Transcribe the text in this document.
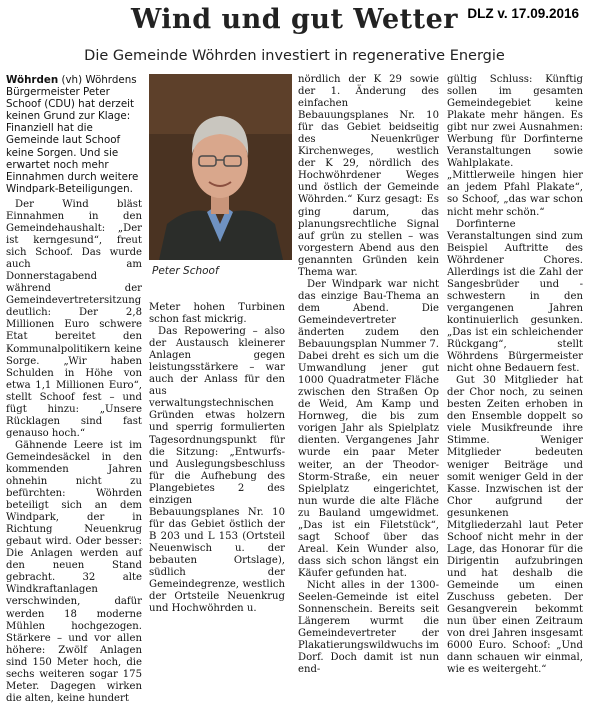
DLZ v. 17.09.2016
Wind und gut Wetter
Die Gemeinde Wöhrden investiert in regenerative Energie

Wöhrden (vh) Wöhrdens Bürgermeister Peter Schoof (CDU) hat derzeit keinen Grund zur Klage: Finanziell hat die Gemeinde laut Schoof keine Sorgen. Und sie erwartet noch mehr Einnahmen durch weitere Windpark-Beteiligungen.

Der Wind bläst Einnahmen in den Gemeindehaushalt: „Der ist kerngesund“, freut sich Schoof. Das wurde auch am Donnerstagabend während der Gemeindevertretersitzung deutlich: Der 2,8 Millionen Euro schwere Etat bereitet den Kommunalpolitikern keine Sorge. „Wir haben Schulden in Höhe von etwa 1,1 Millionen Euro“, stellt Schoof fest – und fügt hinzu: „Unsere Rücklagen sind fast genauso hoch.“

Gähnende Leere ist im Gemeindesäckel in den kommenden Jahren ohnehin nicht zu befürchten: Wöhrden beteiligt sich an dem Windpark, der in Richtung Neuenkrug gebaut wird. Oder besser: Die Anlagen werden auf den neuen Stand gebracht. 32 alte Windkraftanlagen verschwinden, dafür werden 18 moderne Mühlen hochgezogen. Stärkere – und vor allen höhere: Zwölf Anlagen sind 150 Meter hoch, die sechs weiteren sogar 175 Meter. Dagegen wirken die alten, keine hundert

Peter Schoof

Meter hohen Turbinen schon fast mickrig.

Das Repowering – also der Austausch kleinerer Anlagen gegen leistungsstärkere – war auch der Anlass für den aus verwaltungstechnischen Gründen etwas holzern und sperrig formulierten Tagesordnungspunkt für die Sitzung: „Entwurfs- und Auslegungsbeschluss für die Aufhebung des Plangebietes 2 des einzigen Bebauungsplanes Nr. 10 für das Gebiet östlich der B 203 und L 153 (Ortsteil Neuenwisch u. der bebauten Ortslage), südlich der Gemeindegrenze, westlich der Ortsteile Neuenkrug und Hochwöhrden u.

nördlich der K 29 sowie der 1. Änderung des einfachen Bebauungsplanes Nr. 10 für das Gebiet beidseitig des Neuenkrüger Kirchenweges, westlich der K 29, nördlich des Hochwöhrdener Weges und östlich der Gemeinde Wöhrden.“ Kurz gesagt: Es ging darum, das planungsrechtliche Signal auf grün zu stellen – was vorgestern Abend aus den genannten Gründen kein Thema war.

Der Windpark war nicht das einzige Bau-Thema an dem Abend. Die Gemeindevertreter änderten zudem den Bebauungsplan Nummer 7. Dabei dreht es sich um die Umwandlung jener gut 1000 Quadratmeter Fläche zwischen den Straßen Op de Weid, Am Kamp und Hornweg, die bis zum vorigen Jahr als Spielplatz dienten. Vergangenes Jahr wurde ein paar Meter weiter, an der Theodor-Storm-Straße, ein neuer Spielplatz eingerichtet, nun wurde die alte Fläche zu Bauland umgewidmet. „Das ist ein Filetstück“, sagt Schoof über das Areal. Kein Wunder also, dass sich schon längst ein Käufer gefunden hat.

Nicht alles in der 1300-Seelen-Gemeinde ist eitel Sonnenschein. Bereits seit Längerem wurmt die Gemeindevertreter der Plakatierungswildwuchs im Dorf. Doch damit ist nun end-

gültig Schluss: Künftig sollen im gesamten Gemeindegebiet keine Plakate mehr hängen. Es gibt nur zwei Ausnahmen: Werbung für Dorfinterne Veranstaltungen sowie Wahlplakate. „Mittlerweile hingen hier an jedem Pfahl Plakate“, so Schoof, „das war schon nicht mehr schön.“

Dorfinterne Veranstaltungen sind zum Beispiel Auftritte des Wöhrdener Chores. Allerdings ist die Zahl der Sangesbrüder und -schwestern in den vergangenen Jahren kontinuierlich gesunken. „Das ist ein schleichender Rückgang“, stellt Wöhrdens Bürgermeister nicht ohne Bedauern fest.

Gut 30 Mitglieder hat der Chor noch, zu seinen besten Zeiten erhoben in den Ensemble doppelt so viele Musikfreunde ihre Stimme. Weniger Mitglieder bedeuten weniger Beiträge und somit weniger Geld in der Kasse. Inzwischen ist der Chor aufgrund der gesunkenen Mitgliederzahl laut Peter Schoof nicht mehr in der Lage, das Honorar für die Dirigentin aufzubringen und hat deshalb die Gemeinde um einen Zuschuss gebeten. Der Gesangverein bekommt nun über einen Zeitraum von drei Jahren insgesamt 6000 Euro. Schoof: „Und dann schauen wir einmal, wie es weitergeht.“
